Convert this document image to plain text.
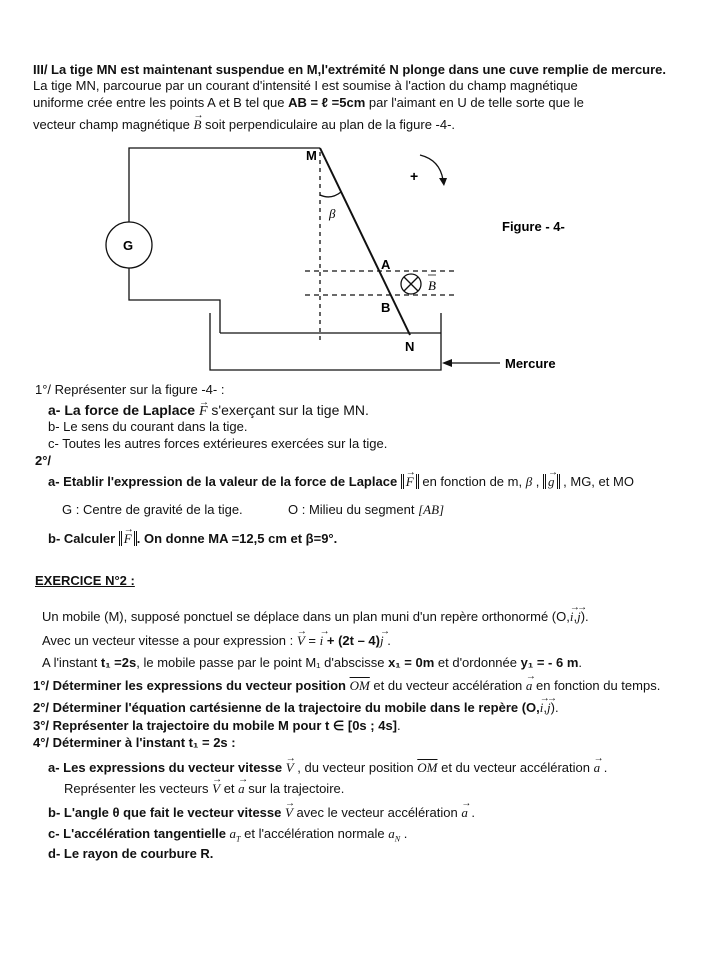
III/ La tige MN est maintenant suspendue en M,l'extrémité N plonge dans une cuve remplie de mercure.
La tige MN, parcourue par un courant d'intensité I est soumise à l'action du champ magnétique
uniforme crée entre les points A et B tel que AB = ℓ =5cm par l'aimant en U de telle sorte que le
vecteur champ magnétique → B soit perpendiculaire au plan de la figure -4-.
M
N
A
B
G
β
B
+
Figure - 4-
Mercure
1°/ Représenter sur la figure -4- :
a- La force de Laplace → F s'exerçant sur la tige MN.
b- Le sens du courant dans la tige.
c- Toutes les autres forces extérieures exercées sur la tige.
2°/
a- Etablir l'expression de la valeur de la force de Laplace → F en fonction de m, β , → g , MG, et MO
G : Centre de gravité de la tige.	O : Milieu du segment [AB]
b- Calculer → F . On donne MA =12,5 cm et β=9°.
EXERCICE N°2 :
Un mobile (M), supposé ponctuel se déplace dans un plan muni d'un repère orthonormé (O,→ i,→ j).
Avec un vecteur vitesse a pour expression : → V = → i + (2t – 4)→ j .
A l'instant t₁ =2s, le mobile passe par le point M₁ d'abscisse x₁ = 0m et d'ordonnée y₁ = - 6 m.
1°/ Déterminer les expressions du vecteur position $\overline{OM}$ et du vecteur accélération → a en fonction du temps.
2°/ Déterminer l'équation cartésienne de la trajectoire du mobile dans le repère (O,→ i,→ j).
3°/ Représenter la trajectoire du mobile M pour t ∈ [0s ; 4s].
4°/ Déterminer à l'instant t₁ = 2s :
a- Les expressions du vecteur vitesse → V , du vecteur position $\overline{OM}$ et du vecteur accélération → a .
Représenter les vecteurs → V et → a sur la trajectoire.
b- L'angle θ que fait le vecteur vitesse → V avec le vecteur accélération → a .
c- L'accélération tangentielle $a_T$ et l'accélération normale $a_N$ .
d- Le rayon de courbure R.
